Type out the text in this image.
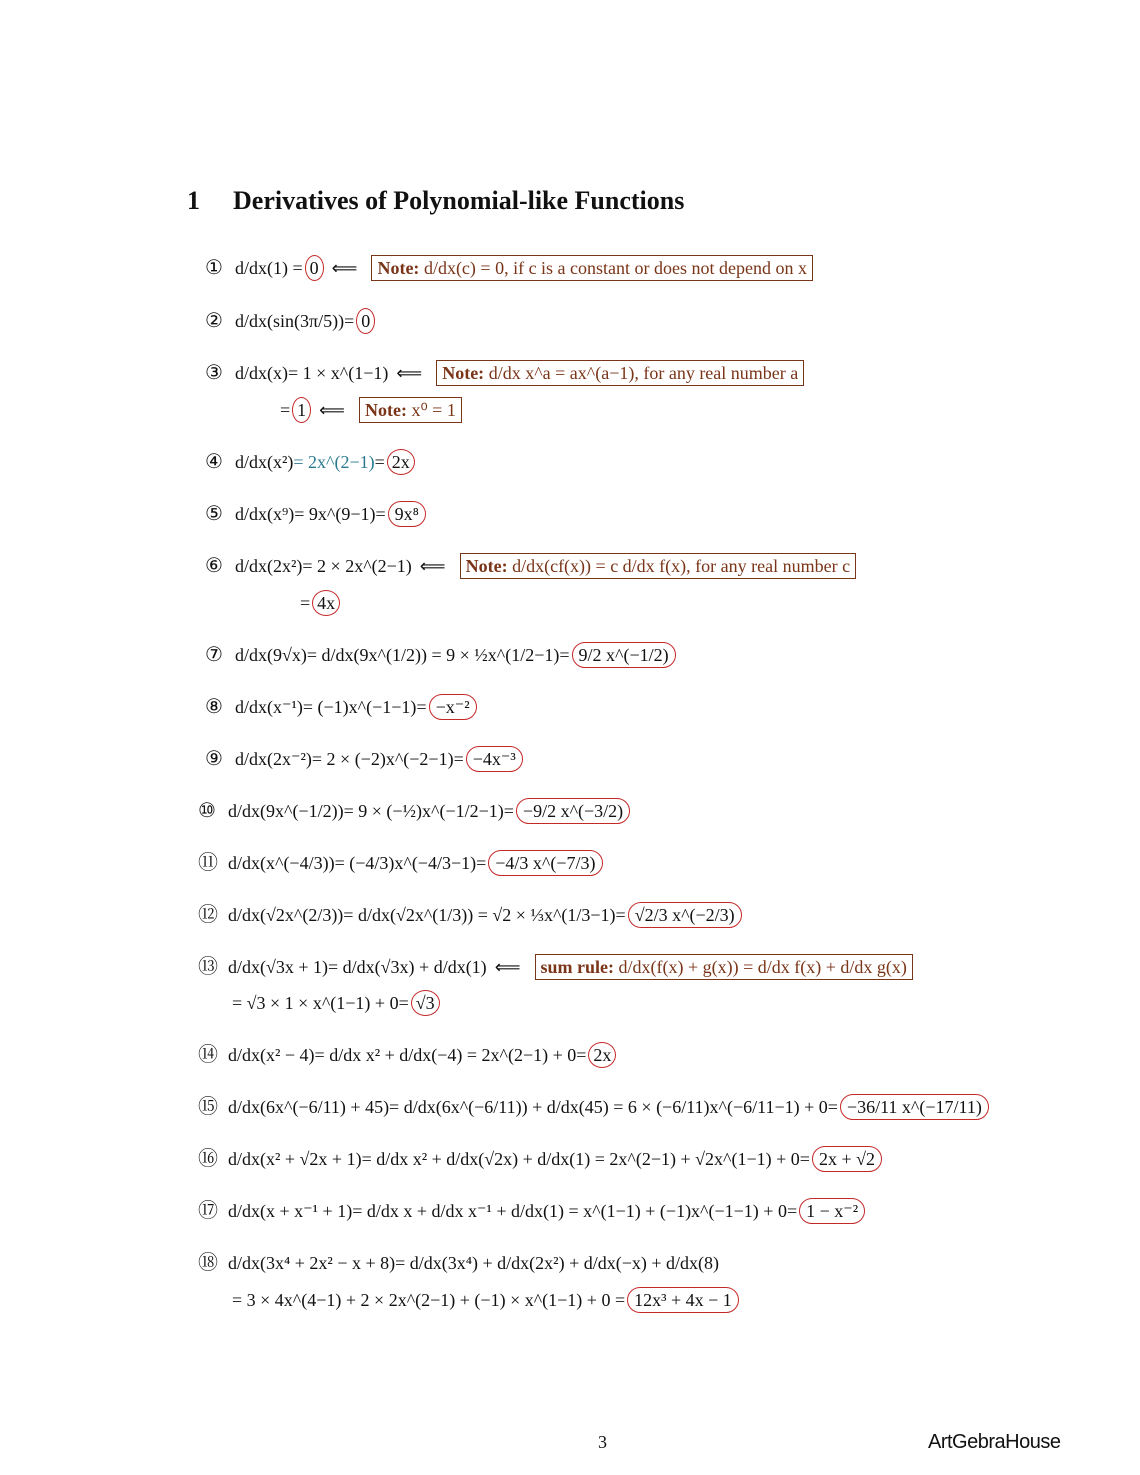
1 Derivatives of Polynomial-like Functions
① d/dx(1) = 0 ⟸ Note: d/dx(c) = 0, if c is a constant or does not depend on x
② d/dx(sin(3π/5))= 0
③ d/dx(x)= 1 × x^(1−1) ⟸ Note: d/dx x^a = ax^(a−1), for any real number a
= 1 ⟸ Note: x⁰ = 1
④ d/dx(x²)= 2x^(2−1)= 2x
⑤ d/dx(x⁹)= 9x^(9−1)= 9x⁸
⑥ d/dx(2x²)= 2 × 2x^(2−1) ⟸ Note: d/dx(cf(x)) = c d/dx f(x), for any real number c
= 4x
⑦ d/dx(9√x)= d/dx(9x^(1/2)) = 9 × ½x^(1/2−1)= 9/2 x^(−1/2)
⑧ d/dx(x⁻¹)= (−1)x^(−1−1)= −x⁻²
⑨ d/dx(2x⁻²)= 2 × (−2)x^(−2−1)= −4x⁻³
⑩ d/dx(9x^(−1/2))= 9 × (−½)x^(−1/2−1)= −9/2 x^(−3/2)
⑪ d/dx(x^(−4/3))= (−4/3)x^(−4/3−1)= −4/3 x^(−7/3)
⑫ d/dx(√2x^(2/3))= d/dx(√2x^(1/3)) = √2 × ⅓x^(1/3−1)= √2/3 x^(−2/3)
⑬ d/dx(√3x + 1)= d/dx(√3x) + d/dx(1) ⟸ sum rule: d/dx(f(x) + g(x)) = d/dx f(x) + d/dx g(x)
= √3 × 1 × x^(1−1) + 0= √3
⑭ d/dx(x² − 4)= d/dx x² + d/dx(−4) = 2x^(2−1) + 0= 2x
⑮ d/dx(6x^(−6/11) + 45)= d/dx(6x^(−6/11)) + d/dx(45) = 6 × (−6/11)x^(−6/11−1) + 0= −36/11 x^(−17/11)
⑯ d/dx(x² + √2x + 1)= d/dx x² + d/dx(√2x) + d/dx(1) = 2x^(2−1) + √2x^(1−1) + 0= 2x + √2
⑰ d/dx(x + x⁻¹ + 1)= d/dx x + d/dx x⁻¹ + d/dx(1) = x^(1−1) + (−1)x^(−1−1) + 0= 1 − x⁻²
⑱ d/dx(3x⁴ + 2x² − x + 8)= d/dx(3x⁴) + d/dx(2x²) + d/dx(−x) + d/dx(8)
= 3 × 4x^(4−1) + 2 × 2x^(2−1) + (−1) × x^(1−1) + 0 = 12x³ + 4x − 1
3	ArtGebraHouse
